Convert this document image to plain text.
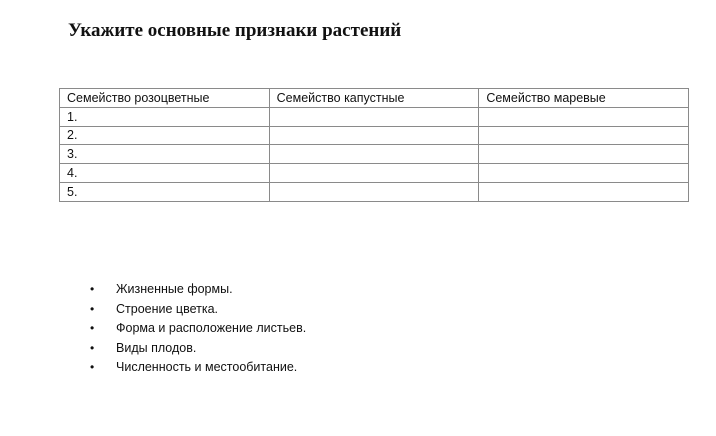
Укажите основные признаки растений
Семейство розоцветные	Семейство капустные	Семейство маревые
1.		
2.		
3.		
4.		
5.		
• Жизненные формы.
• Строение цветка.
• Форма и расположение листьев.
• Виды плодов.
• Численность и местообитание.
